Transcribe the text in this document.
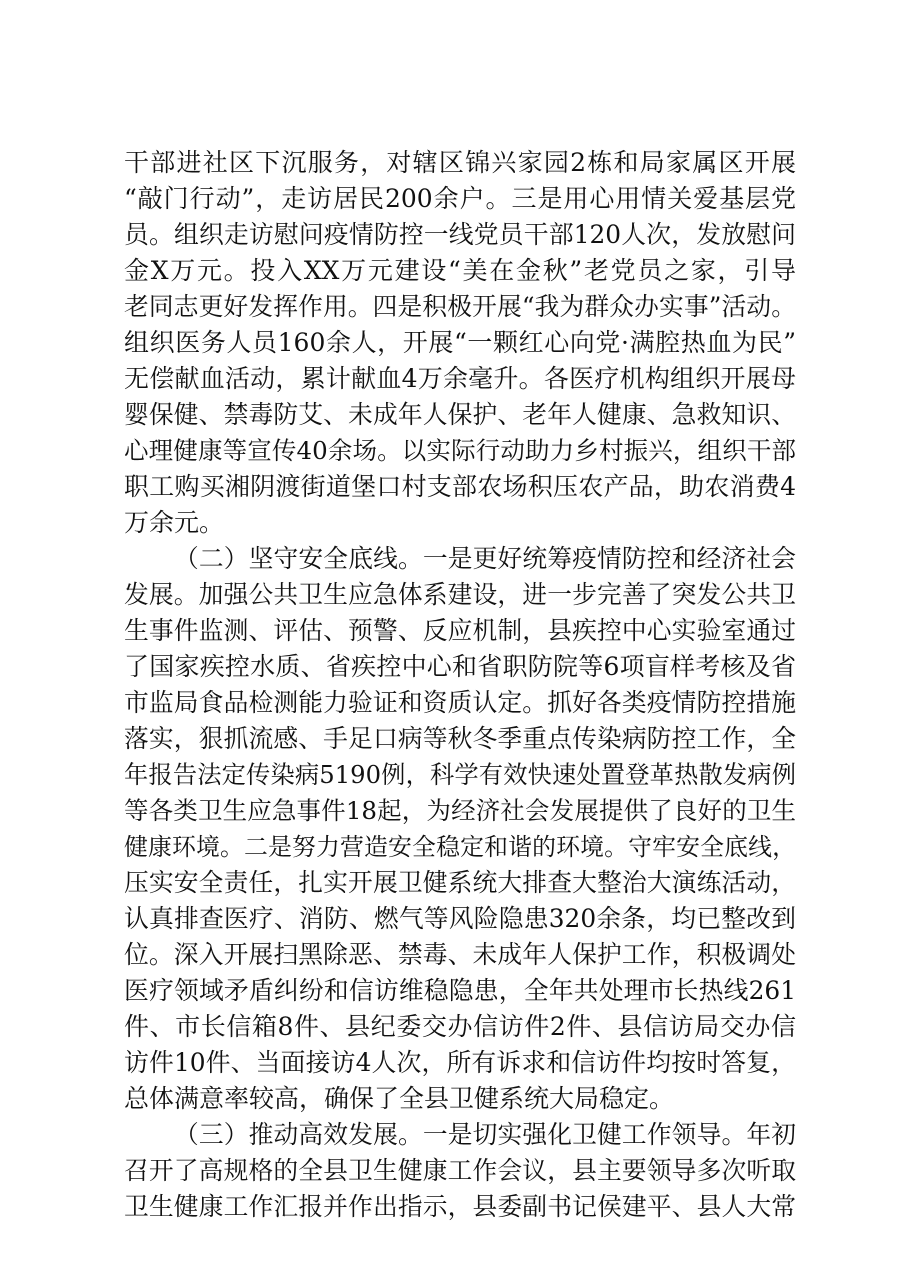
干部进社区下沉服务，对辖区锦兴家园2栋和局家属区开展
“敲门行动”，走访居民200余户。三是用心用情关爱基层党
员。组织走访慰问疫情防控一线党员干部120人次，发放慰问
金X万元。投入XX万元建设“美在金秋”老党员之家，引导
老同志更好发挥作用。四是积极开展“我为群众办实事”活动。
组织医务人员160余人，开展“一颗红心向党·满腔热血为民”
无偿献血活动，累计献血4万余毫升。各医疗机构组织开展母
婴保健、禁毒防艾、未成年人保护、老年人健康、急救知识、
心理健康等宣传40余场。以实际行动助力乡村振兴，组织干部
职工购买湘阴渡街道堡口村支部农场积压农产品，助农消费4
万余元。
（二）坚守安全底线。一是更好统筹疫情防控和经济社会
发展。加强公共卫生应急体系建设，进一步完善了突发公共卫
生事件监测、评估、预警、反应机制，县疾控中心实验室通过
了国家疾控水质、省疾控中心和省职防院等6项盲样考核及省
市监局食品检测能力验证和资质认定。抓好各类疫情防控措施
落实，狠抓流感、手足口病等秋冬季重点传染病防控工作，全
年报告法定传染病5190例，科学有效快速处置登革热散发病例
等各类卫生应急事件18起，为经济社会发展提供了良好的卫生
健康环境。二是努力营造安全稳定和谐的环境。守牢安全底线，
压实安全责任，扎实开展卫健系统大排查大整治大演练活动，
认真排查医疗、消防、燃气等风险隐患320余条，均已整改到
位。深入开展扫黑除恶、禁毒、未成年人保护工作，积极调处
医疗领域矛盾纠纷和信访维稳隐患，全年共处理市长热线261
件、市长信箱8件、县纪委交办信访件2件、县信访局交办信
访件10件、当面接访4人次，所有诉求和信访件均按时答复，
总体满意率较高，确保了全县卫健系统大局稳定。
（三）推动高效发展。一是切实强化卫健工作领导。年初
召开了高规格的全县卫生健康工作会议，县主要领导多次听取
卫生健康工作汇报并作出指示，县委副书记侯建平、县人大常
